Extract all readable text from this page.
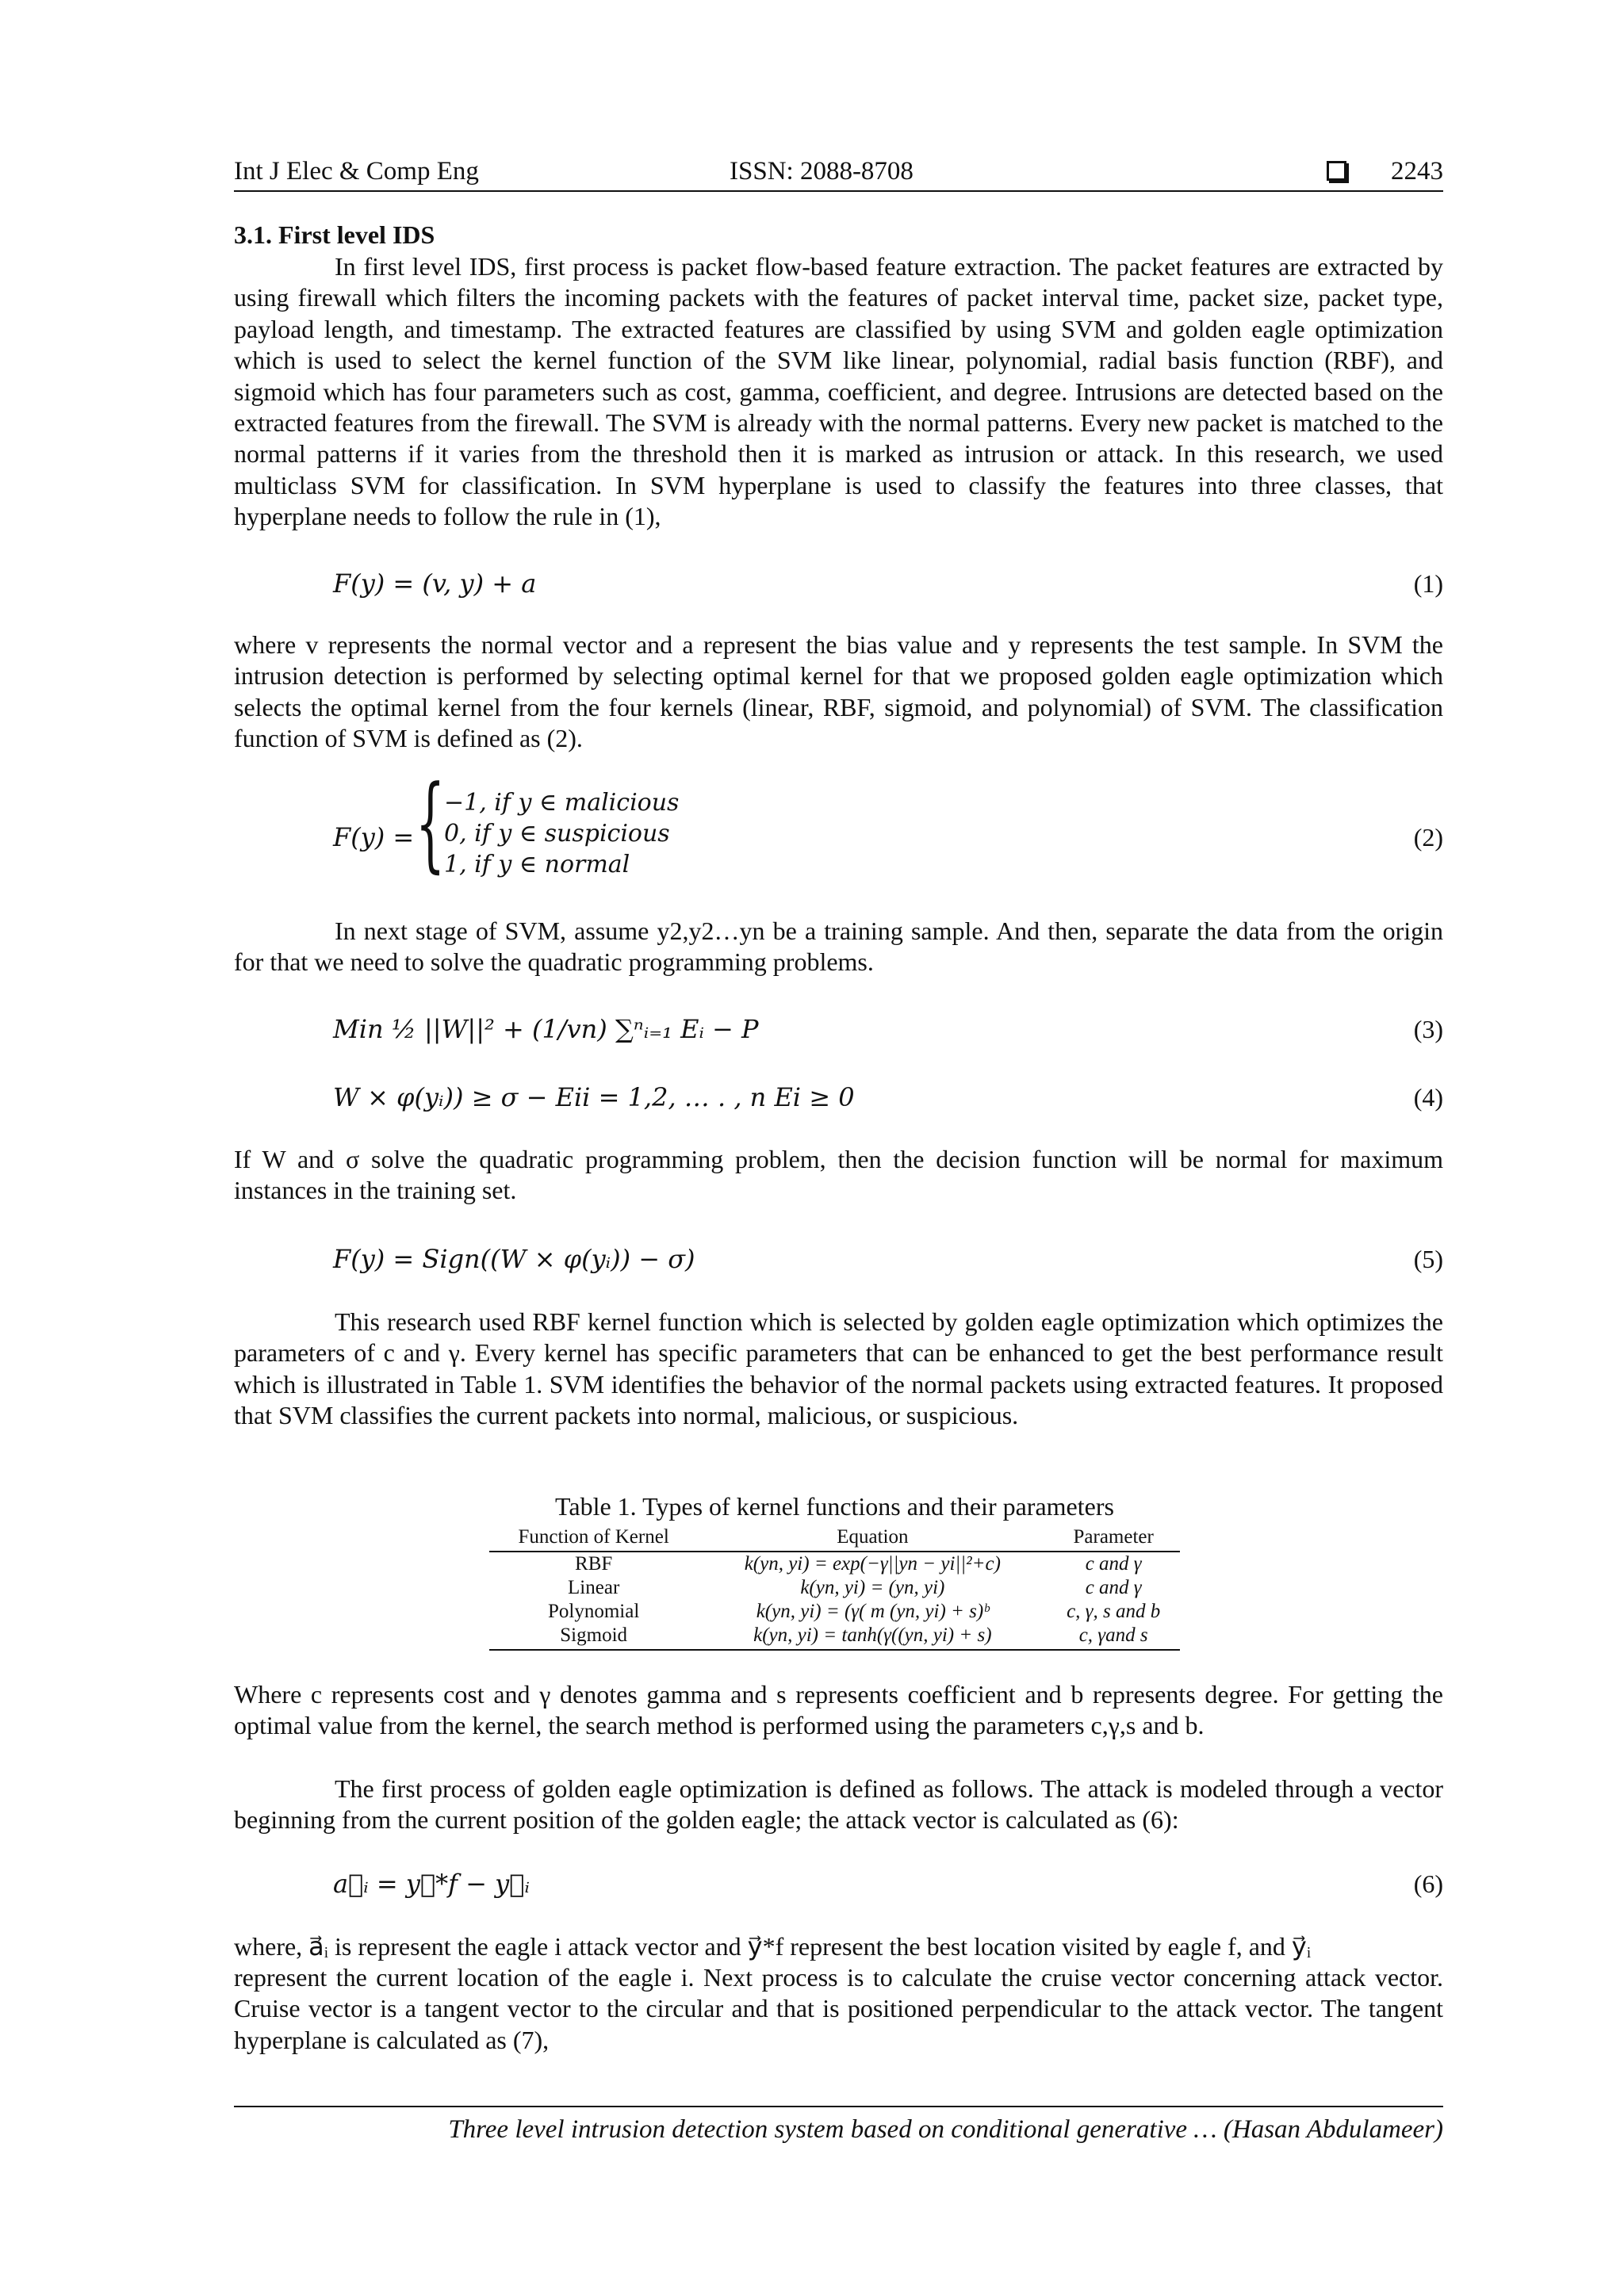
Int J Elec & Comp Eng	ISSN: 2088-8708	2243
3.1. First level IDS
In first level IDS, first process is packet flow-based feature extraction. The packet features are extracted by using firewall which filters the incoming packets with the features of packet interval time, packet size, packet type, payload length, and timestamp. The extracted features are classified by using SVM and golden eagle optimization which is used to select the kernel function of the SVM like linear, polynomial, radial basis function (RBF), and sigmoid which has four parameters such as cost, gamma, coefficient, and degree. Intrusions are detected based on the extracted features from the firewall. The SVM is already with the normal patterns. Every new packet is matched to the normal patterns if it varies from the threshold then it is marked as intrusion or attack. In this research, we used multiclass SVM for classification. In SVM hyperplane is used to classify the features into three classes, that hyperplane needs to follow the rule in (1),
F(y) = (v, y) + a	(1)
where v represents the normal vector and a represent the bias value and y represents the test sample. In SVM the intrusion detection is performed by selecting optimal kernel for that we proposed golden eagle optimization which selects the optimal kernel from the four kernels (linear, RBF, sigmoid, and polynomial) of SVM. The classification function of SVM is defined as (2).
F(y) = {
−1, if y ∈ malicious
0, if y ∈ suspicious
1, if y ∈ normal
(2)
In next stage of SVM, assume y2,y2…yn be a training sample. And then, separate the data from the origin for that we need to solve the quadratic programming problems.
Min ½ ||W||² + (1/vn) ∑ⁿᵢ₌₁ Eᵢ − P	(3)
W × φ(yᵢ)) ≥ σ − Eii = 1,2, … . , n Ei ≥ 0	(4)
If W and σ solve the quadratic programming problem, then the decision function will be normal for maximum instances in the training set.
F(y) = Sign((W × φ(yᵢ)) − σ)	(5)
This research used RBF kernel function which is selected by golden eagle optimization which optimizes the parameters of c and γ. Every kernel has specific parameters that can be enhanced to get the best performance result which is illustrated in Table 1. SVM identifies the behavior of the normal packets using extracted features. It proposed that SVM classifies the current packets into normal, malicious, or suspicious.
Table 1. Types of kernel functions and their parameters
Function of Kernel	Equation	Parameter
RBF	k(yn, yi) = exp(−γ||yn − yi||²+c)	c and γ
Linear	k(yn, yi) = (yn, yi)	c and γ
Polynomial	k(yn, yi) = (γ( m (yn, yi) + s)ᵇ	c, γ, s and b
Sigmoid	k(yn, yi) = tanh(γ((yn, yi) + s)	c, γand s
Where c represents cost and γ denotes gamma and s represents coefficient and b represents degree. For getting the optimal value from the kernel, the search method is performed using the parameters c,γ,s and b.
The first process of golden eagle optimization is defined as follows. The attack is modeled through a vector beginning from the current position of the golden eagle; the attack vector is calculated as (6):
a⃗ᵢ = y⃗*f − y⃗ᵢ	(6)
where, a⃗ᵢ is represent the eagle i attack vector and y⃗*f represent the best location visited by eagle f, and y⃗ᵢ
represent the current location of the eagle i. Next process is to calculate the cruise vector concerning attack vector. Cruise vector is a tangent vector to the circular and that is positioned perpendicular to the attack vector. The tangent hyperplane is calculated as (7),
Three level intrusion detection system based on conditional generative … (Hasan Abdulameer)
